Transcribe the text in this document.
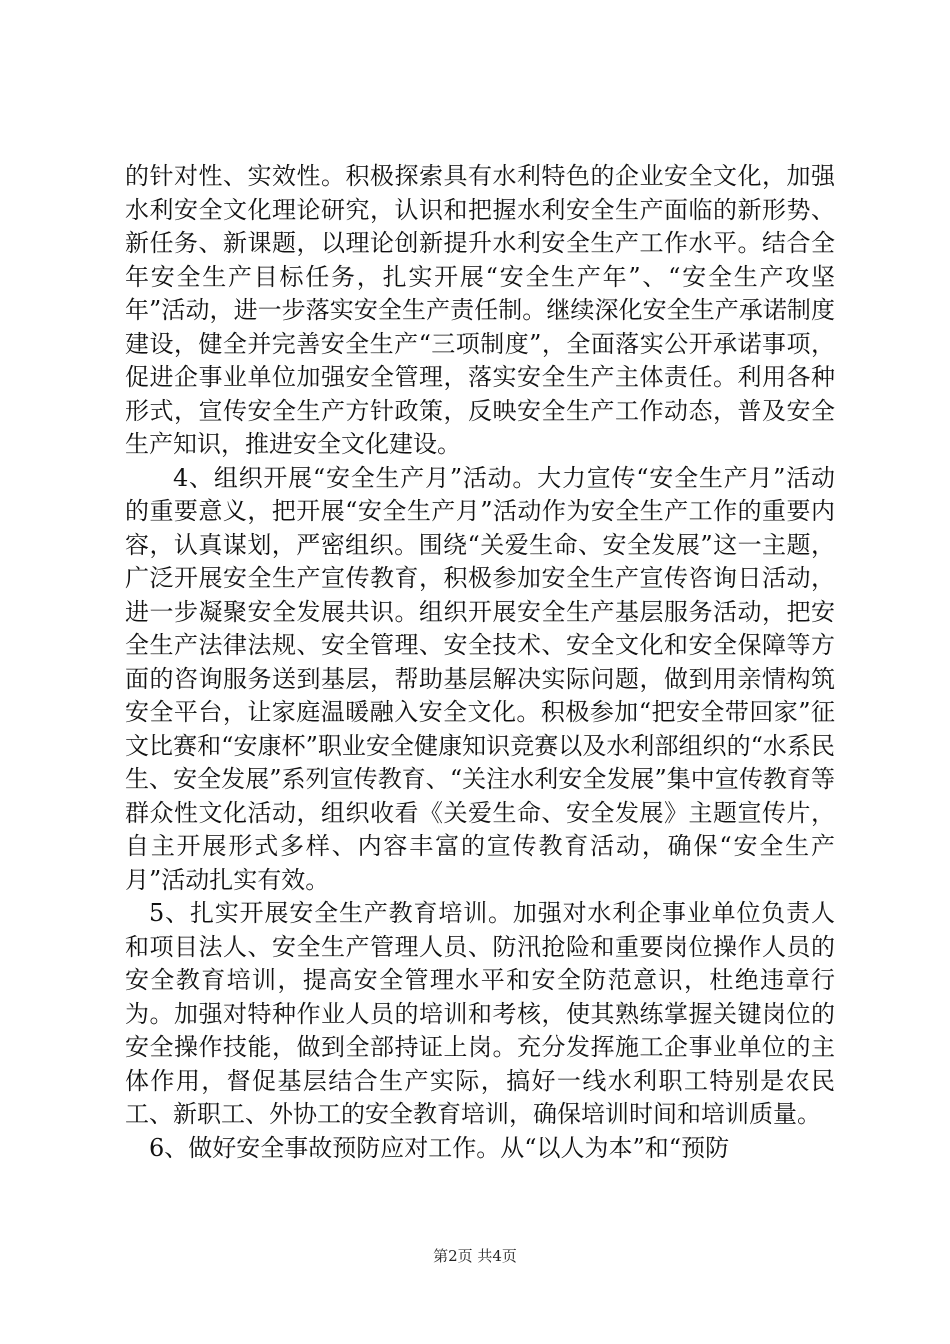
的针对性、实效性。积极探索具有水利特色的企业安全文化，加强水利安全文化理论研究，认识和把握水利安全生产面临的新形势、新任务、新课题，以理论创新提升水利安全生产工作水平。结合全年安全生产目标任务，扎实开展“安全生产年”、“安全生产攻坚年”活动，进一步落实安全生产责任制。继续深化安全生产承诺制度建设，健全并完善安全生产“三项制度”，全面落实公开承诺事项，促进企事业单位加强安全管理，落实安全生产主体责任。利用各种形式，宣传安全生产方针政策，反映安全生产工作动态，普及安全生产知识，推进安全文化建设。

4、组织开展“安全生产月”活动。大力宣传“安全生产月”活动的重要意义，把开展“安全生产月”活动作为安全生产工作的重要内容，认真谋划，严密组织。围绕“关爱生命、安全发展”这一主题，广泛开展安全生产宣传教育，积极参加安全生产宣传咨询日活动，进一步凝聚安全发展共识。组织开展安全生产基层服务活动，把安全生产法律法规、安全管理、安全技术、安全文化和安全保障等方面的咨询服务送到基层，帮助基层解决实际问题，做到用亲情构筑安全平台，让家庭温暖融入安全文化。积极参加“把安全带回家”征文比赛和“安康杯”职业安全健康知识竞赛以及水利部组织的“水系民生、安全发展”系列宣传教育、“关注水利安全发展”集中宣传教育等群众性文化活动，组织收看《关爱生命、安全发展》主题宣传片，自主开展形式多样、内容丰富的宣传教育活动，确保“安全生产月”活动扎实有效。

5、扎实开展安全生产教育培训。加强对水利企事业单位负责人和项目法人、安全生产管理人员、防汛抢险和重要岗位操作人员的安全教育培训，提高安全管理水平和安全防范意识，杜绝违章行为。加强对特种作业人员的培训和考核，使其熟练掌握关键岗位的安全操作技能，做到全部持证上岗。充分发挥施工企事业单位的主体作用，督促基层结合生产实际，搞好一线水利职工特别是农民工、新职工、外协工的安全教育培训，确保培训时间和培训质量。

6、做好安全事故预防应对工作。从“以人为本”和“预防

第2页 共4页
